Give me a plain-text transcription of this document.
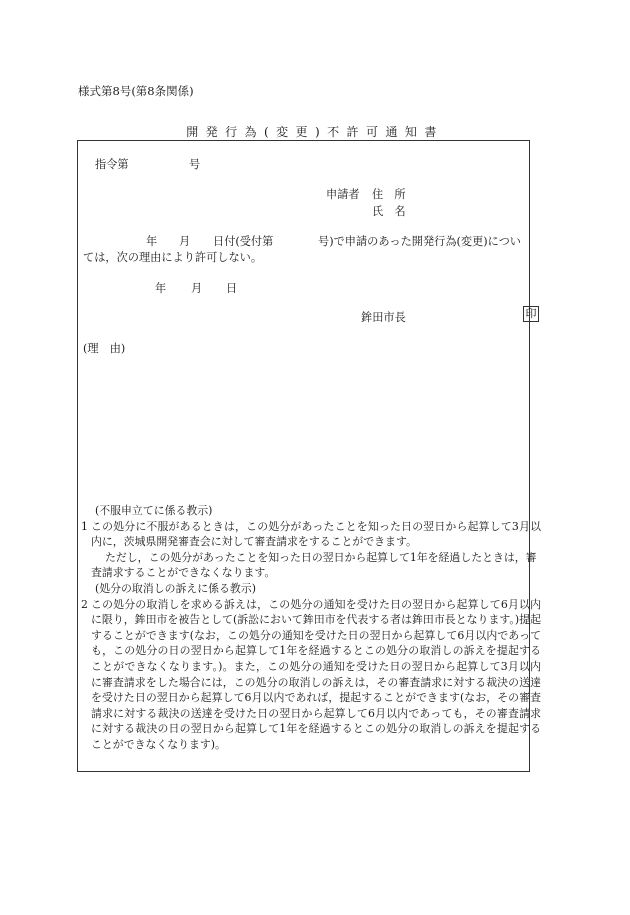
様式第8号(第8条関係)
開発行為(変更)不許可通知書
指令第	号
申請者 住　所
氏　名
年 月 日付(受付第　　　　号)で申請のあった開発行為(変更)につい
ては，次の理由により許可しない。
年 月 日
鉾田市長	印
(理　由)

(不服申立てに係る教示)

1 この処分に不服があるときは，この処分があったことを知った日の翌日から起算して3月以内に，茨城県開発審査会に対して審査請求をすることができます。

ただし，この処分があったことを知った日の翌日から起算して1年を経過したときは，審査請求することができなくなります。

(処分の取消しの訴えに係る教示)

2 この処分の取消しを求める訴えは，この処分の通知を受けた日の翌日から起算して6月以内に限り，鉾田市を被告として(訴訟において鉾田市を代表する者は鉾田市長となります。)提起することができます(なお，この処分の通知を受けた日の翌日から起算して6月以内であっても，この処分の日の翌日から起算して1年を経過するとこの処分の取消しの訴えを提起することができなくなります。)。また，この処分の通知を受けた日の翌日から起算して3月以内に審査請求をした場合には，この処分の取消しの訴えは，その審査請求に対する裁決の送達を受けた日の翌日から起算して6月以内であれば，提起することができます(なお，その審査請求に対する裁決の送達を受けた日の翌日から起算して6月以内であっても，その審査請求に対する裁決の日の翌日から起算して1年を経過するとこの処分の取消しの訴えを提起することができなくなります)。
